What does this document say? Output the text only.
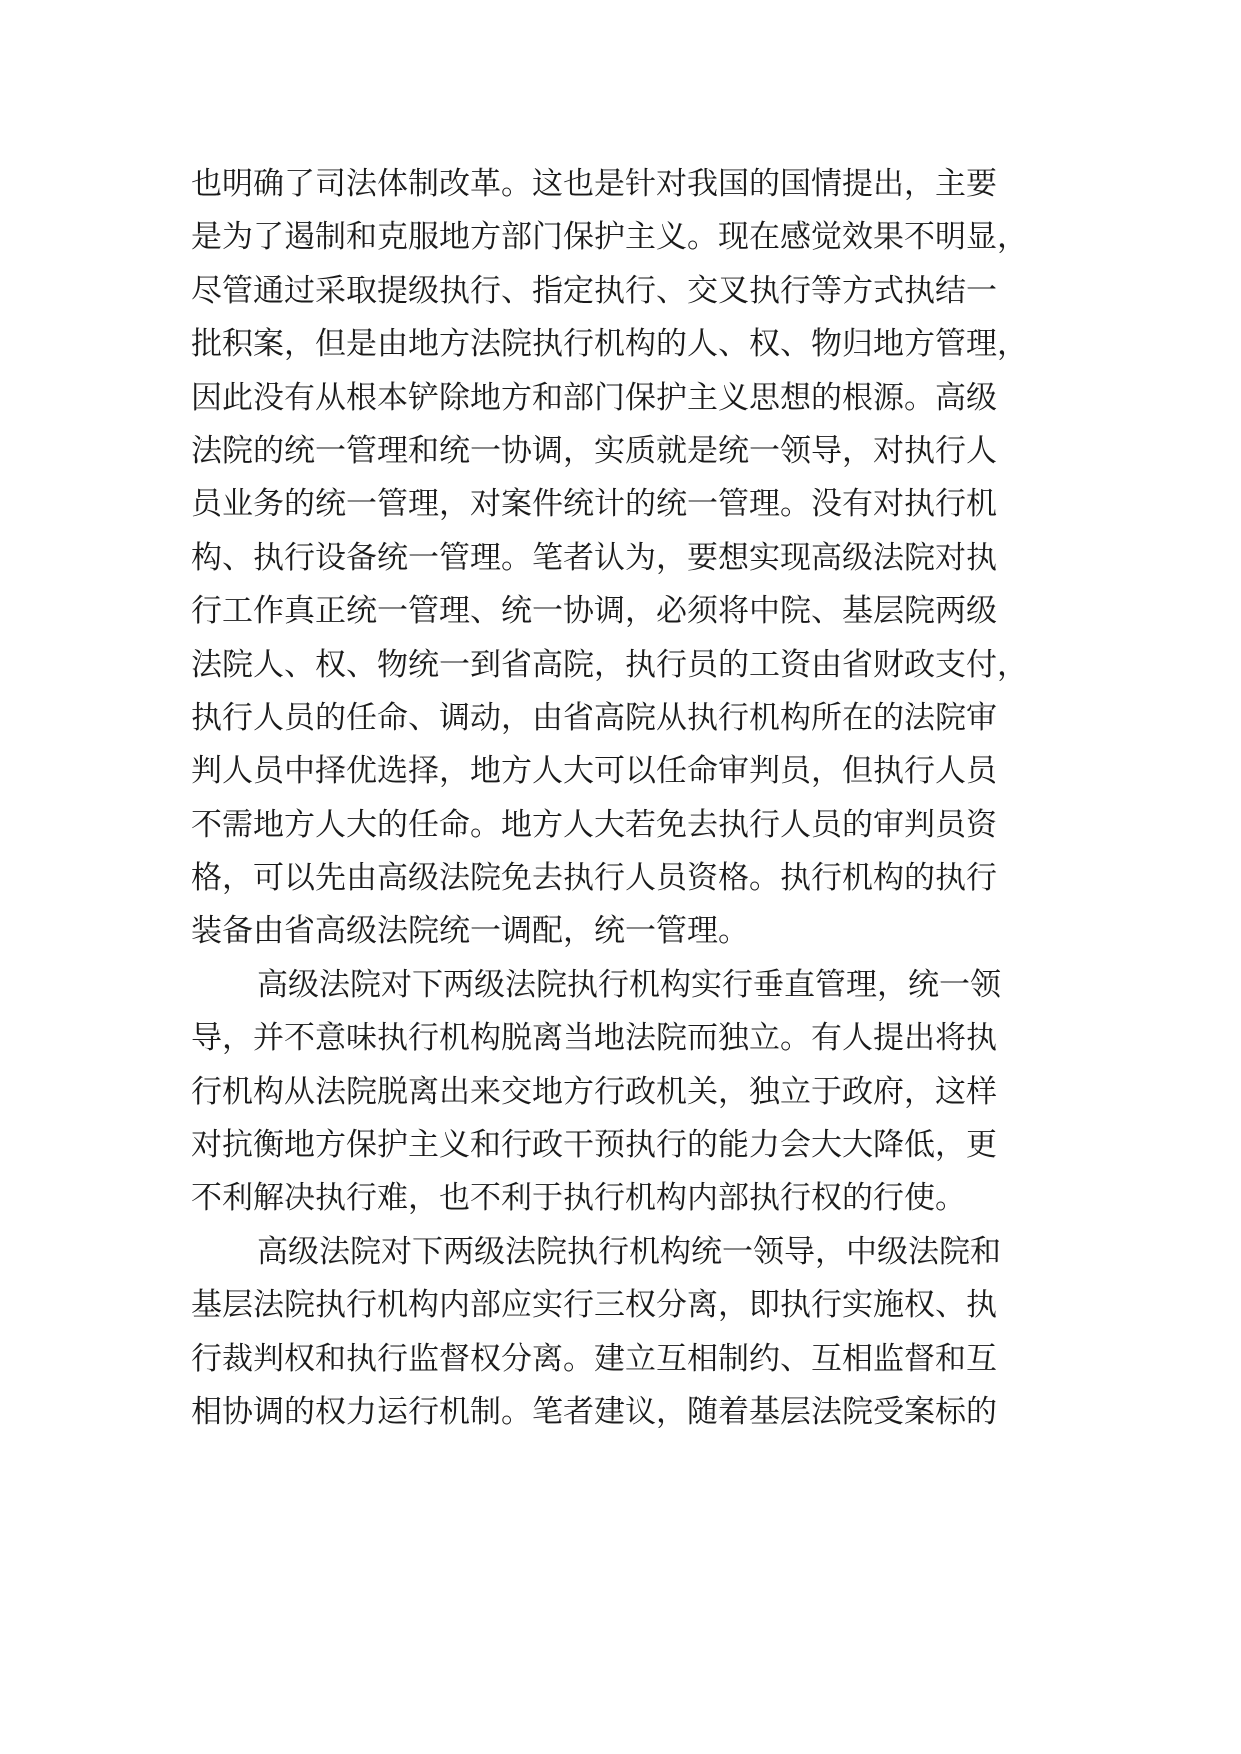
也明确了司法体制改革。这也是针对我国的国情提出，主要
是为了遏制和克服地方部门保护主义。现在感觉效果不明显，
尽管通过采取提级执行、指定执行、交叉执行等方式执结一
批积案，但是由地方法院执行机构的人、权、物归地方管理，
因此没有从根本铲除地方和部门保护主义思想的根源。高级
法院的统一管理和统一协调，实质就是统一领导，对执行人
员业务的统一管理，对案件统计的统一管理。没有对执行机
构、执行设备统一管理。笔者认为，要想实现高级法院对执
行工作真正统一管理、统一协调，必须将中院、基层院两级
法院人、权、物统一到省高院，执行员的工资由省财政支付，
执行人员的任命、调动，由省高院从执行机构所在的法院审
判人员中择优选择，地方人大可以任命审判员，但执行人员
不需地方人大的任命。地方人大若免去执行人员的审判员资
格，可以先由高级法院免去执行人员资格。执行机构的执行
装备由省高级法院统一调配，统一管理。
高级法院对下两级法院执行机构实行垂直管理，统一领
导，并不意味执行机构脱离当地法院而独立。有人提出将执
行机构从法院脱离出来交地方行政机关，独立于政府，这样
对抗衡地方保护主义和行政干预执行的能力会大大降低，更
不利解决执行难，也不利于执行机构内部执行权的行使。
高级法院对下两级法院执行机构统一领导，中级法院和
基层法院执行机构内部应实行三权分离，即执行实施权、执
行裁判权和执行监督权分离。建立互相制约、互相监督和互
相协调的权力运行机制。笔者建议，随着基层法院受案标的
